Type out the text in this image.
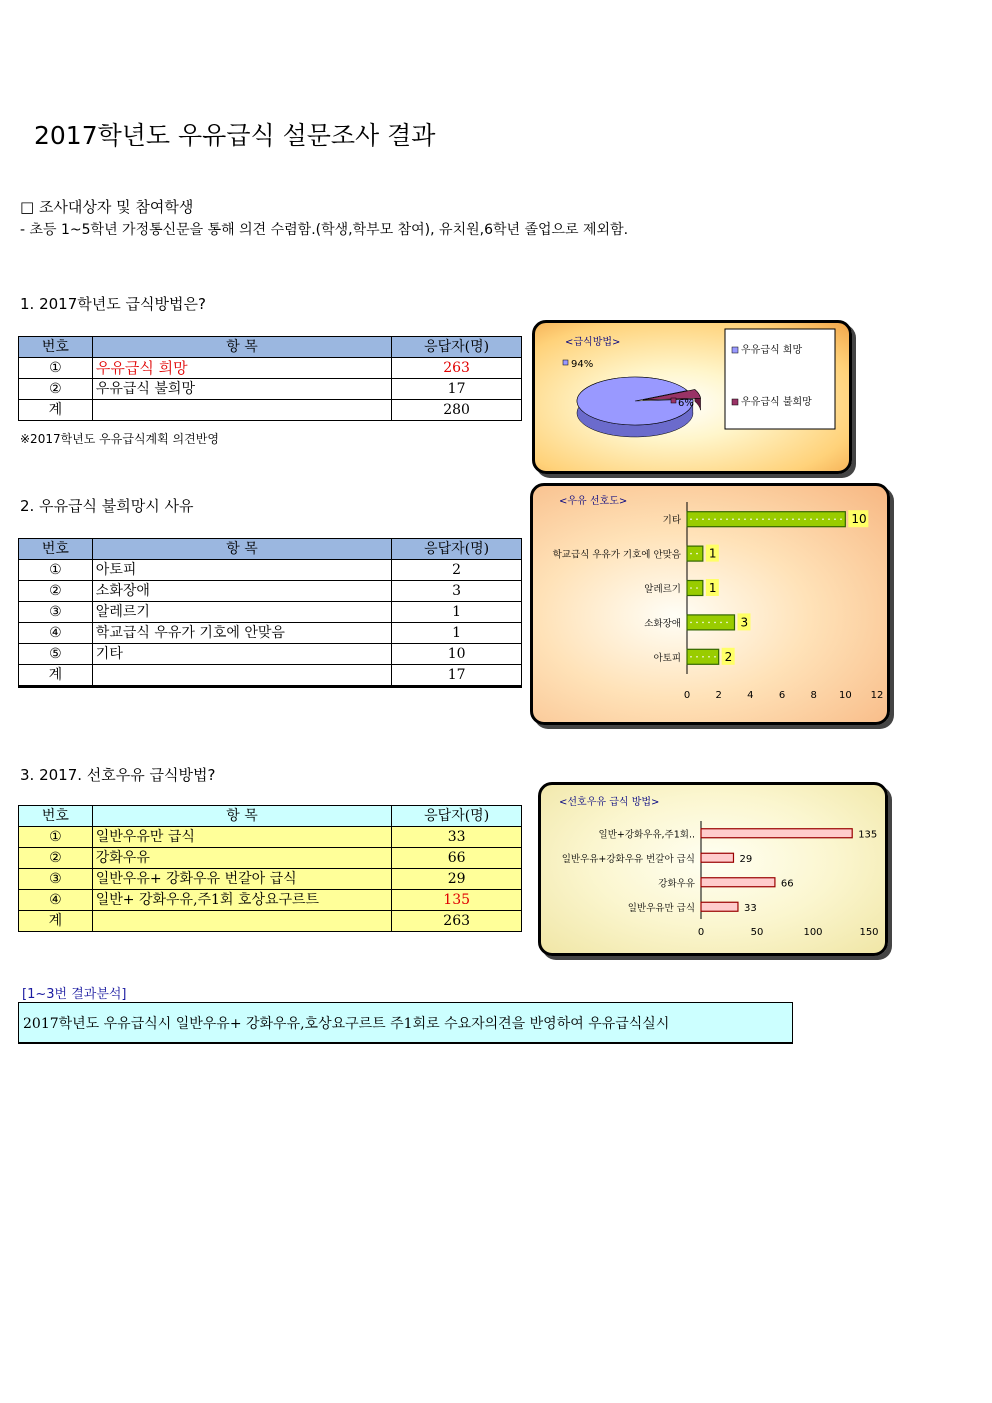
2017학년도 우유급식 설문조사 결과
□ 조사대상자 및 참여학생
- 초등 1~5학년 가정통신문을 통해 의견 수렴함.(학생,학부모 참여), 유치원,6학년 졸업으로 제외함.
1. 2017학년도 급식방법은?
번호	항 목	응답자(명)
①	우유급식 희망	263
②	우유급식 불희망	17
계		280
※2017학년도 우유급식계획 의견반영
<급식방법>
94%
6%
우유급식 희망
우유급식 불희망
2. 우유급식 불희망시 사유
번호	항 목	응답자(명)
①	아토피	2
②	소화장애	3
③	알레르기	1
④	학교급식 우유가 기호에 안맞음	1
⑤	기타	10
계		17
<우유 선호도>
0	2	4	6	8 10 12
기타	10
학교급식 우유가 기호에 안맞음 1
알레르기 1
소화장애	3
아토피	2
3. 2017. 선호우유 급식방법?
번호	항 목	응답자(명)
①	일반우유만 급식	33
②	강화우유	66
③	일반우유+ 강화우유 번갈아 급식	29
④	일반+ 강화우유,주1회 호상요구르트	135
계		263
<선호우유 급식 방법>
0	50	100	150
일반+강화우유,주1회..	135
일반우유+강화우유 번갈아 급식	29
강화우유	66
일반우유만 급식	33
[1~3번 결과분석]
2017학년도 우유급식시 일반우유+ 강화우유,호상요구르트 주1회로 수요자의견을 반영하여 우유급식실시
